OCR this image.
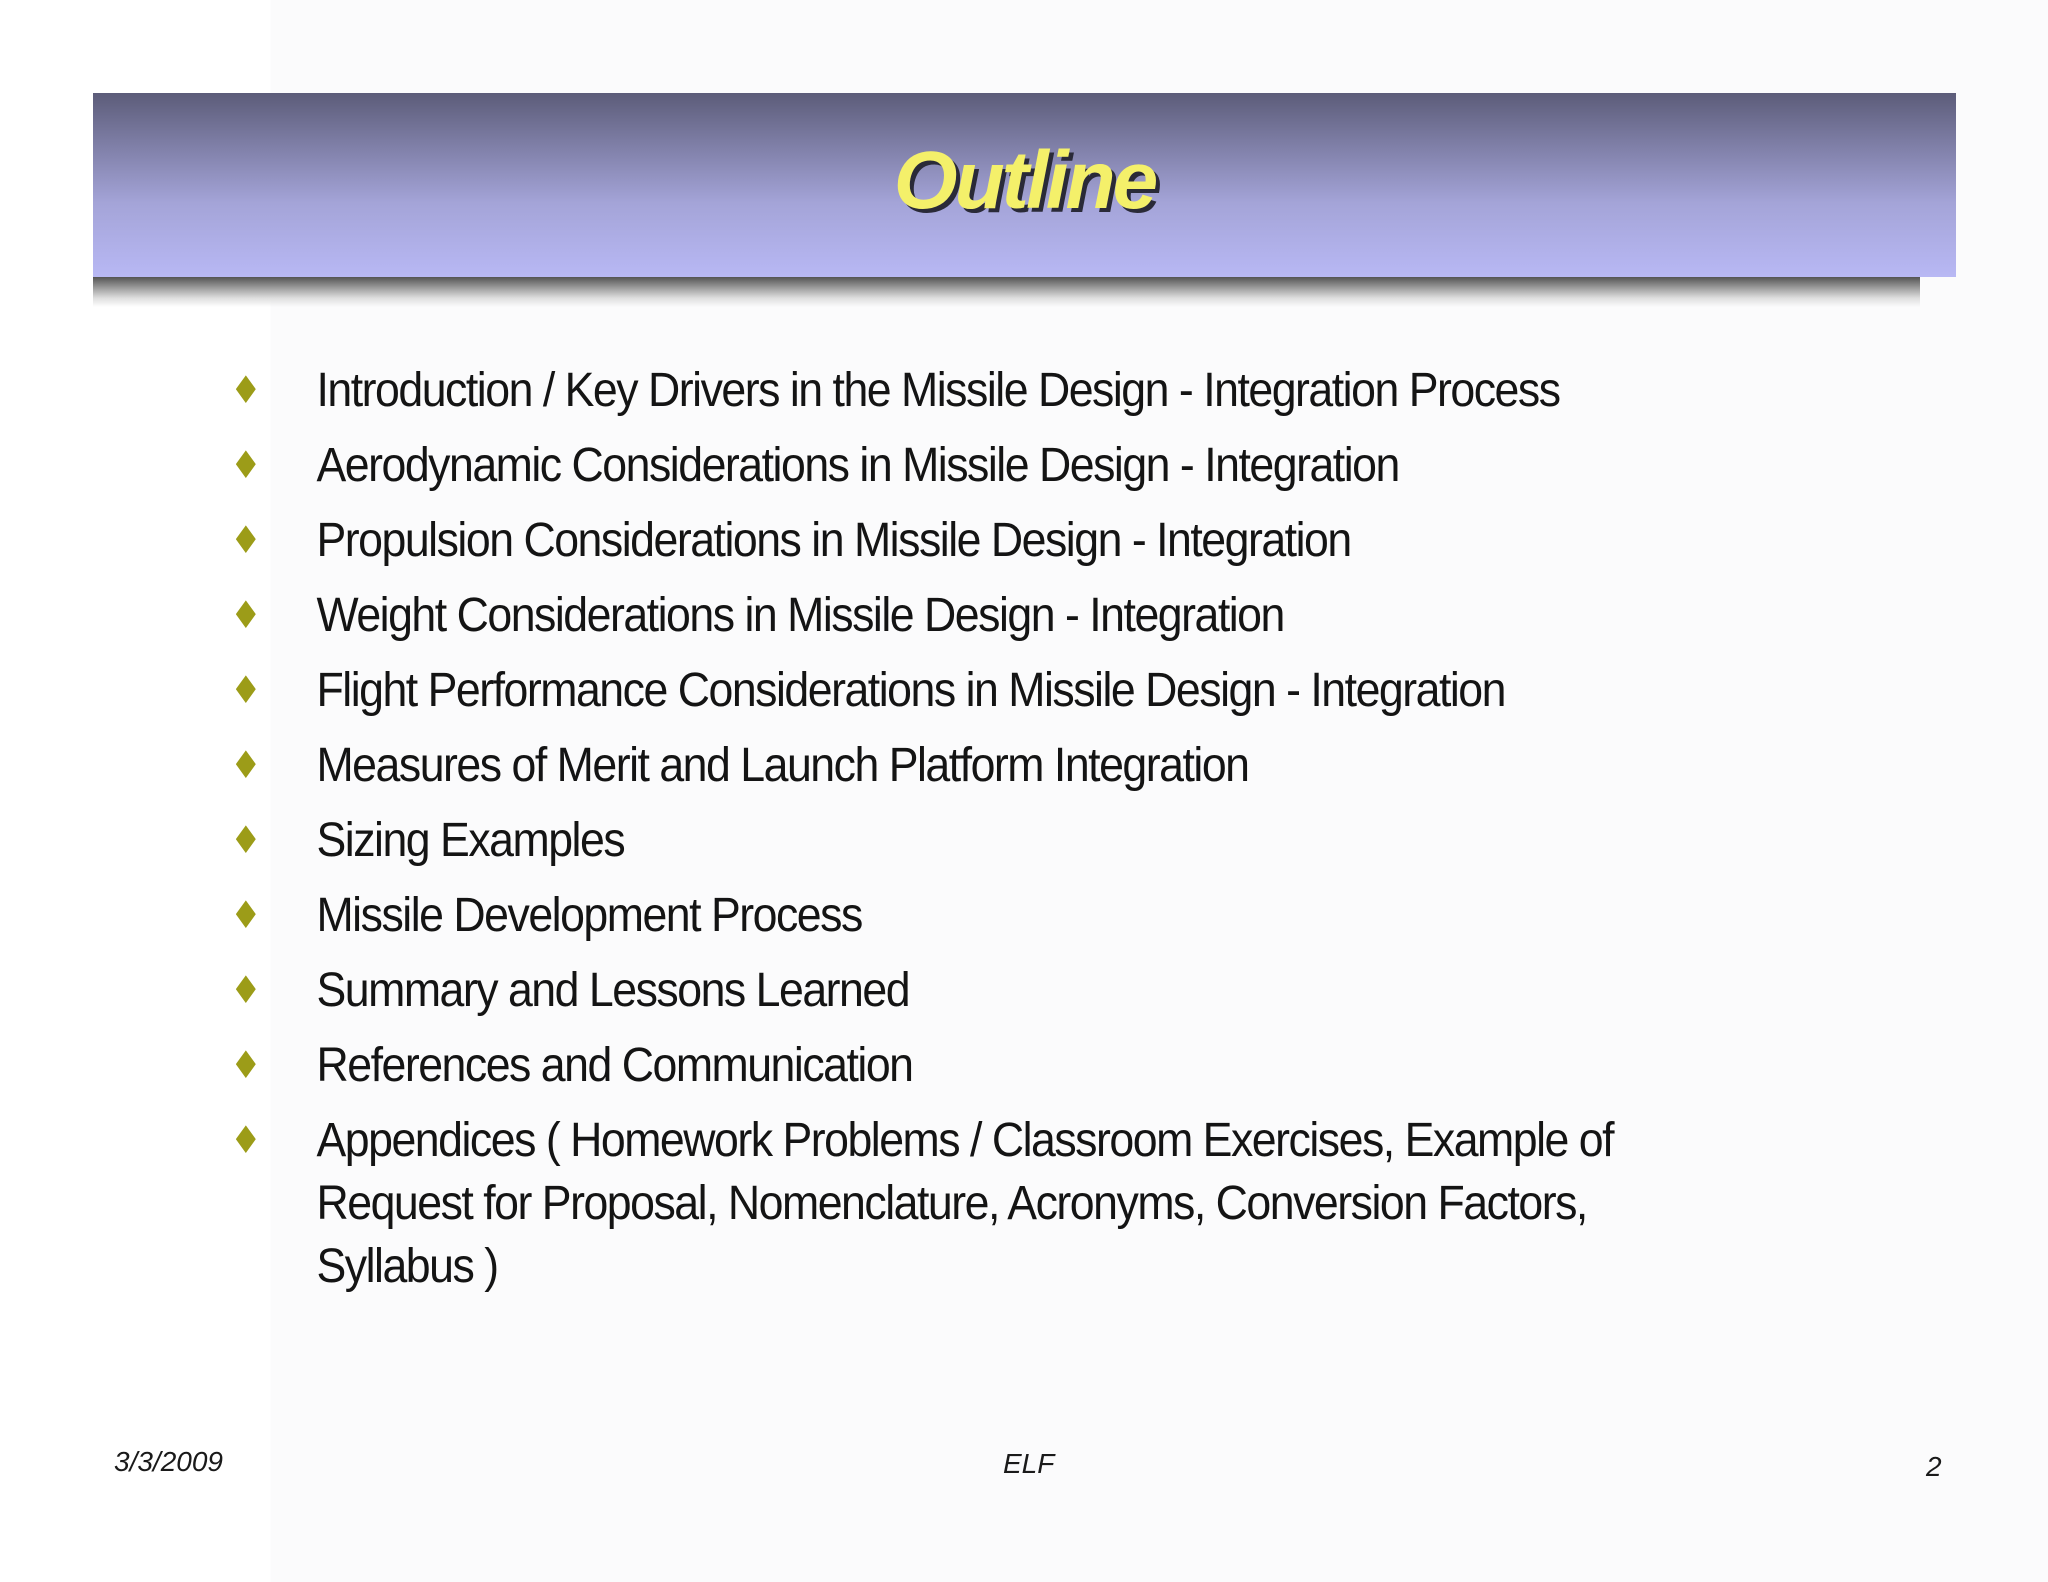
Outline
♦ Introduction / Key Drivers in the Missile Design - Integration Process
♦ Aerodynamic Considerations in Missile Design - Integration
♦ Propulsion Considerations in Missile Design - Integration
♦ Weight Considerations in Missile Design - Integration
♦ Flight Performance Considerations in Missile Design - Integration
♦ Measures of Merit and Launch Platform Integration
♦ Sizing Examples
♦ Missile Development Process
♦ Summary and Lessons Learned
♦ References and Communication
♦ Appendices ( Homework Problems / Classroom Exercises, Example of Request for Proposal, Nomenclature, Acronyms, Conversion Factors, Syllabus )
3/3/2009	ELF	2
